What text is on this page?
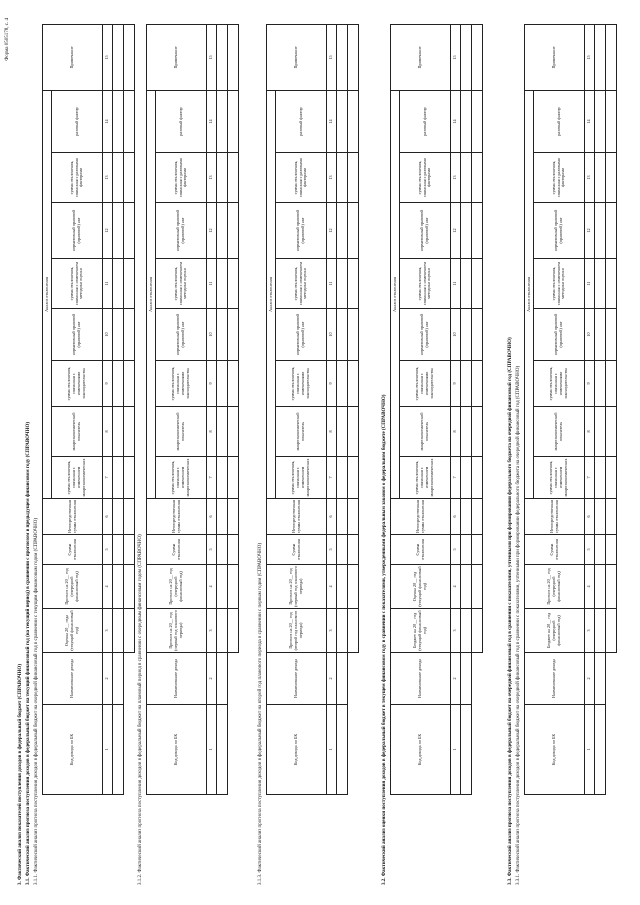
Форма 0505178, с. 4
3. Фактический анализ показателей поступления доходов в федеральный бюджет (СПРАВОЧНО) 3.1. Фактический анализ прогноза поступления доходов в федеральный бюджет на текущий финансовый год (на текущий период) в сравнении с прогнозом в предыдущем финансовом году (СПРАВОЧНО) 3.1.1. Фактический анализ прогноза поступления доходов в федеральный бюджет на очередной финансовый год в сравнении с текущим финансовым годом (СПРАВОЧНО)	Код дохода по БК	Наименование дохода	Оценка 20__ года (текущий финансовый год)	Прогноз на 20__ год (очередной финансовый год)	Сумма отклонения	Непосредственная сумма отклонения	Анализ отклонения								Примечание
						сумма отклонения, связанная с изменением макроэкономических	макроэкономический показатель	сумма отклонения, связанная с изменениями законодательства	нормативный правовой (правовой) акт	сумма отклонения, связанная с изменением методики оценки	нормативный правовой (правовой) акт	сумма отклонения, связанная с разовыми факторами	разовый фактор	
1	2	3	4	5	6	7	8	9	10	11	12	13	14	15

3.1.2. Фактический анализ прогноза поступления доходов в федеральный бюджет на плановый период в сравнении с очередным финансовым годом (СПРАВОЧНО)	Код дохода по БК	Наименование дохода	Прогноз на 20__ год (первый год планового периода)	Прогноз на 20__ год (очередной финансовый год)	Сумма отклонения	Непосредственная сумма отклонения	Анализ отклонения								Примечание
						сумма отклонения, связанная с изменением макроэкономических	макроэкономический показатель	сумма отклонения, связанная с изменениями законодательства	нормативный правовой (правовой) акт	сумма отклонения, связанная с изменением методики оценки	нормативный правовой (правовой) акт	сумма отклонения, связанная с разовыми факторами	разовый фактор	
1	2	3	4	5	6	7	8	9	10	11	12	13	14	15

3.1.3. Фактический анализ прогноза поступления доходов в федеральный бюджет на второй год планового периода в сравнении с первым годом (СПРАВОЧНО)	Код дохода по БК	Наименование дохода	Прогноз на 20__ год (второй год планового периода)	Прогноз на 20__ год (первый год планового периода)	Сумма отклонения	Непосредственная сумма отклонения	Анализ отклонения								Примечание
						сумма отклонения, связанная с изменением макроэкономических	макроэкономический показатель	сумма отклонения, связанная с изменениями законодательства	нормативный правовой (правовой) акт	сумма отклонения, связанная с изменением методики оценки	нормативный правовой (правовой) акт	сумма отклонения, связанная с разовыми факторами	разовый фактор	
1	2	3	4	5	6	7	8	9	10	11	12	13	14	15

3.2. Фактический анализ оценки поступления доходов в федеральный бюджет в текущем финансовом году в сравнении с показателями, утвержденными федеральным законом о федеральном бюджете (СПРАВОЧНО)	Код дохода по БК	Наименование дохода	Бюджет на 20__ год (текущий финансовый год)	Оценка 20__ год (текущий финансовый год)	Сумма отклонения	Непосредственная сумма отклонения	Анализ отклонения								Примечание
						сумма отклонения, связанная с изменением макроэкономических	макроэкономический показатель	сумма отклонения, связанная с изменениями законодательства	нормативный правовой (правовой) акт	сумма отклонения, связанная с изменением методики оценки	нормативный правовой (правовой) акт	сумма отклонения, связанная с разовыми факторами	разовый фактор	
1	2	3	4	5	6	7	8	9	10	11	12	13	14	15

3.3. Фактический анализ прогноза поступления доходов в федеральный бюджет на очередной финансовый год в сравнении с показателями, учтенными при формировании федерального бюджета на очередной финансовый год (СПРАВОЧНО) 3.3.1. Фактический анализ прогноза поступления доходов в федеральный бюджет на очередной финансовый год в сравнении с показателями, учтенными при формировании федерального бюджета на очередной финансовый год (СПРАВОЧНО)	Код дохода по БК	Наименование дохода	Бюджет на 20__ год (очередной финансовый год)	Прогноз на 20__ год (очередной финансовый год)	Сумма отклонения	Непосредственная сумма отклонения	Анализ отклонения								Примечание
						сумма отклонения, связанная с изменением макроэкономических	макроэкономический показатель	сумма отклонения, связанная с изменениями законодательства	нормативный правовой (правовой) акт	сумма отклонения, связанная с изменением методики оценки	нормативный правовой (правовой) акт	сумма отклонения, связанная с разовыми факторами	разовый фактор	
1	2	3	4	5	6	7	8	9	10	11	12	13	14	15
